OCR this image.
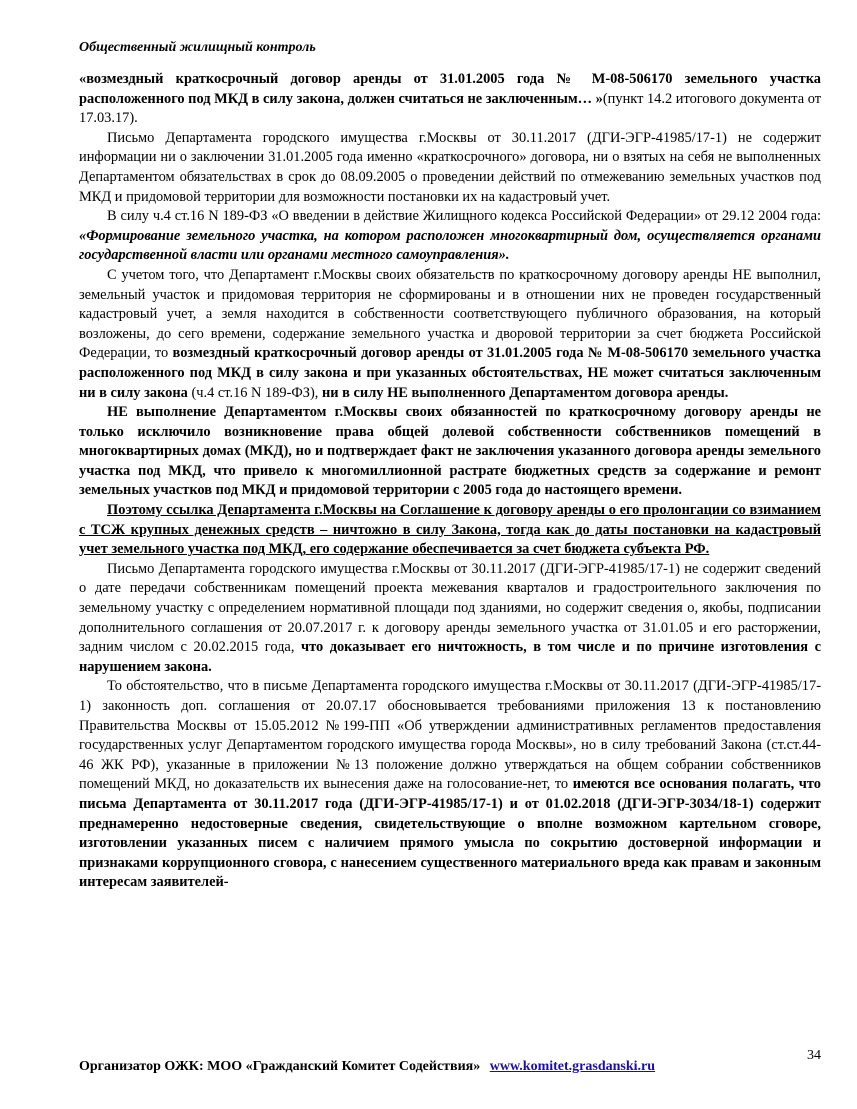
Общественный жилищный контроль

«возмездный краткосрочный договор аренды от 31.01.2005 года № М-08-506170 земельного участка расположенного под МКД в силу закона, должен считаться не заключенным… »(пункт 14.2 итогового документа от 17.03.17).

Письмо Департамента городского имущества г.Москвы от 30.11.2017 (ДГИ-ЭГР-41985/17-1) не содержит информации ни о заключении 31.01.2005 года именно «краткосрочного» договора, ни о взятых на себя не выполненных Департаментом обязательствах в срок до 08.09.2005 о проведении действий по отмежеванию земельных участков под МКД и придомовой территории для возможности постановки их на кадастровый учет.

В силу ч.4 ст.16 N 189-ФЗ «О введении в действие Жилищного кодекса Российской Федерации» от 29.12 2004 года: «Формирование земельного участка, на котором расположен многоквартирный дом, осуществляется органами государственной власти или органами местного самоуправления».

С учетом того, что Департамент г.Москвы своих обязательств по краткосрочному договору аренды НЕ выполнил, земельный участок и придомовая территория не сформированы и в отношении них не проведен государственный кадастровый учет, а земля находится в собственности соответствующего публичного образования, на который возложены, до сего времени, содержание земельного участка и дворовой территории за счет бюджета Российской Федерации, то возмездный краткосрочный договор аренды от 31.01.2005 года № М-08-506170 земельного участка расположенного под МКД в силу закона и при указанных обстоятельствах, НЕ может считаться заключенным ни в силу закона (ч.4 ст.16 N 189-ФЗ), ни в силу НЕ выполненного Департаментом договора аренды.

НЕ выполнение Департаментом г.Москвы своих обязанностей по краткосрочному договору аренды не только исключило возникновение права общей долевой собственности собственников помещений в многоквартирных домах (МКД), но и подтверждает факт не заключения указанного договора аренды земельного участка под МКД, что привело к многомиллионной растрате бюджетных средств за содержание и ремонт земельных участков под МКД и придомовой территории с 2005 года до настоящего времени.

Поэтому ссылка Департамента г.Москвы на Соглашение к договору аренды о его пролонгации со взиманием с ТСЖ крупных денежных средств – ничтожно в силу Закона, тогда как до даты постановки на кадастровый учет земельного участка под МКД, его содержание обеспечивается за счет бюджета субъекта РФ.

Письмо Департамента городского имущества г.Москвы от 30.11.2017 (ДГИ-ЭГР-41985/17-1) не содержит сведений о дате передачи собственникам помещений проекта межевания кварталов и градостроительного заключения по земельному участку с определением нормативной площади под зданиями, но содержит сведения о, якобы, подписании дополнительного соглашения от 20.07.2017 г. к договору аренды земельного участка от 31.01.05 и его расторжении, задним числом с 20.02.2015 года, что доказывает его ничтожность, в том числе и по причине изготовления с нарушением закона.

То обстоятельство, что в письме Департамента городского имущества г.Москвы от 30.11.2017 (ДГИ-ЭГР-41985/17-1) законность доп. соглашения от 20.07.17 обосновывается требованиями приложения 13 к постановлению Правительства Москвы от 15.05.2012 №199-ПП «Об утверждении административных регламентов предоставления государственных услуг Департаментом городского имущества города Москвы», но в силу требований Закона (ст.ст.44-46 ЖК РФ), указанные в приложении №13 положение должно утверждаться на общем собрании собственников помещений МКД, но доказательств их вынесения даже на голосование-нет, то имеются все основания полагать, что письма Департамента от 30.11.2017 года (ДГИ-ЭГР-41985/17-1) и от 01.02.2018 (ДГИ-ЭГР-3034/18-1) содержит преднамеренно недостоверные сведения, свидетельствующие о вполне возможном картельном сговоре, изготовлении указанных писем с наличием прямого умысла по сокрытию достоверной информации и признаками коррупционного сговора, с нанесением существенного материального вреда как правам и законным интересам заявителей-

34
Организатор ОЖК: МОО «Гражданский Комитет Содействия» www.komitet.grasdanski.ru
